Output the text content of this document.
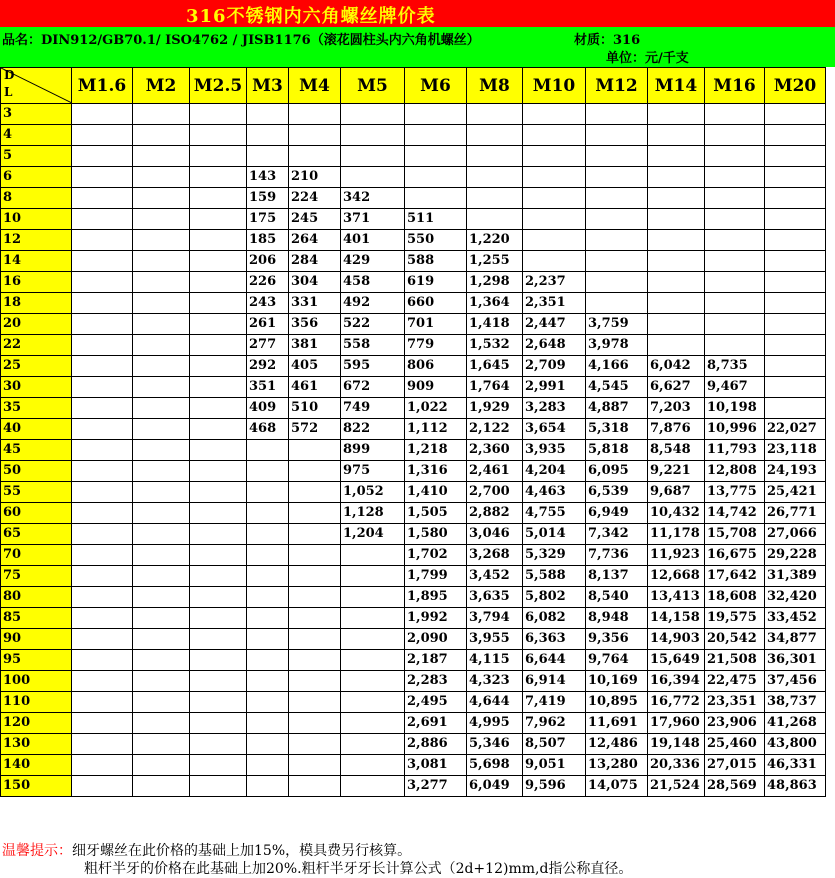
316不锈钢内六角螺丝牌价表
品名：DIN912/GB70.1/ ISO4762 / JISB1176（滚花圆柱头内六角机螺丝）	材质：316
单位：元/千支
D
L	M1.6	M2	M2.5	M3	M4	M5	M6	M8	M10	M12	M14	M16	M20
3													
4													
5													
6				143	210								
8				159	224	342							
10				175	245	371	511						
12				185	264	401	550	1,220					
14				206	284	429	588	1,255					
16				226	304	458	619	1,298	2,237				
18				243	331	492	660	1,364	2,351				
20				261	356	522	701	1,418	2,447	3,759			
22				277	381	558	779	1,532	2,648	3,978			
25				292	405	595	806	1,645	2,709	4,166	6,042	8,735	
30				351	461	672	909	1,764	2,991	4,545	6,627	9,467	
35				409	510	749	1,022	1,929	3,283	4,887	7,203	10,198	
40				468	572	822	1,112	2,122	3,654	5,318	7,876	10,996	22,027
45						899	1,218	2,360	3,935	5,818	8,548	11,793	23,118
50						975	1,316	2,461	4,204	6,095	9,221	12,808	24,193
55						1,052	1,410	2,700	4,463	6,539	9,687	13,775	25,421
60						1,128	1,505	2,882	4,755	6,949	10,432	14,742	26,771
65						1,204	1,580	3,046	5,014	7,342	11,178	15,708	27,066
70							1,702	3,268	5,329	7,736	11,923	16,675	29,228
75							1,799	3,452	5,588	8,137	12,668	17,642	31,389
80							1,895	3,635	5,802	8,540	13,413	18,608	32,420
85							1,992	3,794	6,082	8,948	14,158	19,575	33,452
90							2,090	3,955	6,363	9,356	14,903	20,542	34,877
95							2,187	4,115	6,644	9,764	15,649	21,508	36,301
100							2,283	4,323	6,914	10,169	16,394	22,475	37,456
110							2,495	4,644	7,419	10,895	16,772	23,351	38,737
120							2,691	4,995	7,962	11,691	17,960	23,906	41,268
130							2,886	5,346	8,507	12,486	19,148	25,460	43,800
140							3,081	5,698	9,051	13,280	20,336	27,015	46,331
150							3,277	6,049	9,596	14,075	21,524	28,569	48,863
温馨提示：细牙螺丝在此价格的基础上加15%，模具费另行核算。
粗杆半牙的价格在此基础上加20%.粗杆半牙牙长计算公式（2d+12)mm,d指公称直径。
